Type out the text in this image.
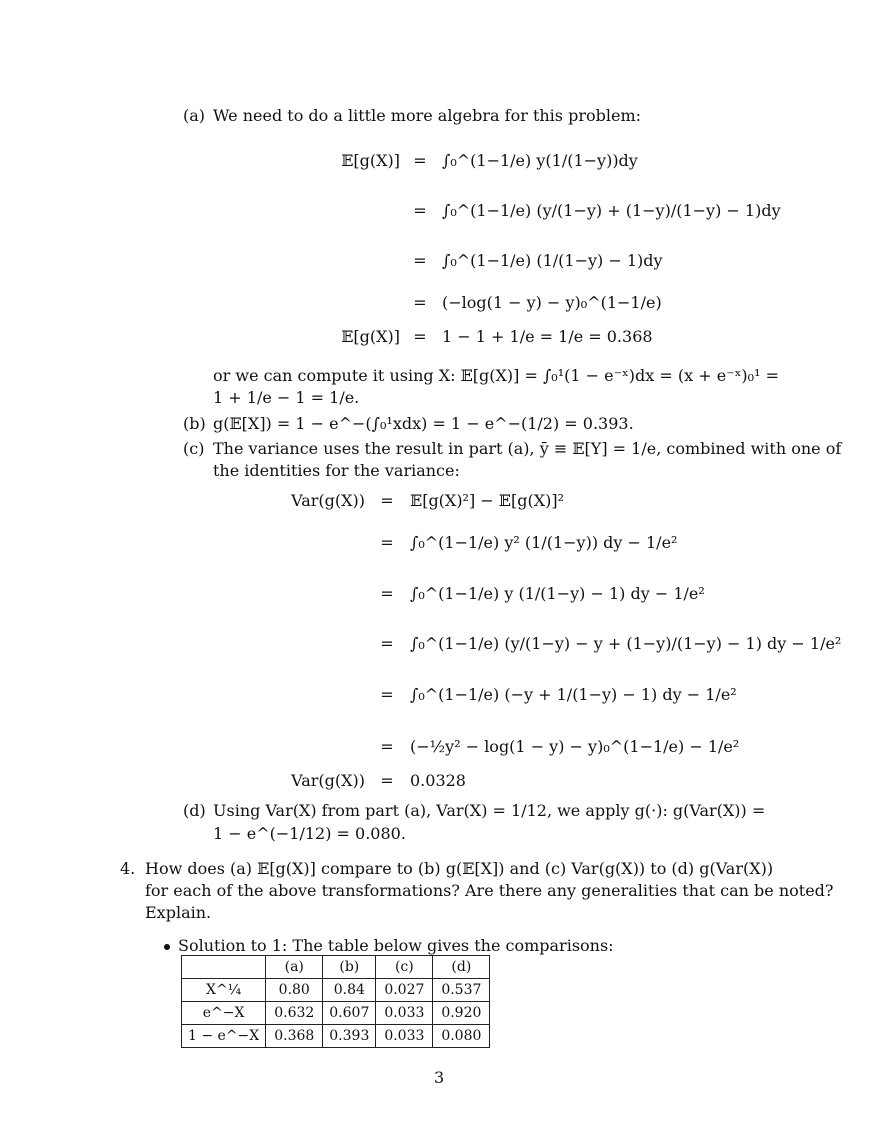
(a) We need to do a little more algebra for this problem:
𝔼[g(X)] = ∫₀^(1−1/e) y(1/(1−y))dy
= ∫₀^(1−1/e) (y/(1−y) + (1−y)/(1−y) − 1)dy
= ∫₀^(1−1/e) (1/(1−y) − 1)dy
= (−log(1 − y) − y)₀^(1−1/e)
𝔼[g(X)] = 1 − 1 + 1/e = 1/e = 0.368
or we can compute it using X: 𝔼[g(X)] = ∫₀¹(1 − e⁻ˣ)dx = (x + e⁻ˣ)₀¹ =
1 + 1/e − 1 = 1/e.
(b) g(𝔼[X]) = 1 − e^−(∫₀¹xdx) = 1 − e^−(1/2) = 0.393.
(c) The variance uses the result in part (a), ȳ ≡ 𝔼[Y] = 1/e, combined with one of
the identities for the variance:
Var(g(X)) =	𝔼[g(X)²] − 𝔼[g(X)]²
=	∫₀^(1−1/e) y² (1/(1−y)) dy − 1/e²
=	∫₀^(1−1/e) y (1/(1−y) − 1) dy − 1/e²
=	∫₀^(1−1/e) (y/(1−y) − y + (1−y)/(1−y) − 1) dy − 1/e²
=	∫₀^(1−1/e) (−y + 1/(1−y) − 1) dy − 1/e²
=	(−½y² − log(1 − y) − y)₀^(1−1/e) − 1/e²
Var(g(X)) =	0.0328
(d) Using Var(X) from part (a), Var(X) = 1/12, we apply g(·): g(Var(X)) =
1 − e^(−1/12) = 0.080.
4. How does (a) 𝔼[g(X)] compare to (b) g(𝔼[X]) and (c) Var(g(X)) to (d) g(Var(X))
for each of the above transformations? Are there any generalities that can be noted?
Explain.
Solution to 1: The table below gives the comparisons:
	(a)	(b)	(c)	(d)
X^¼	0.80	0.84	0.027	0.537
e^−X	0.632	0.607	0.033	0.920
1 − e^−X	0.368	0.393	0.033	0.080
3
